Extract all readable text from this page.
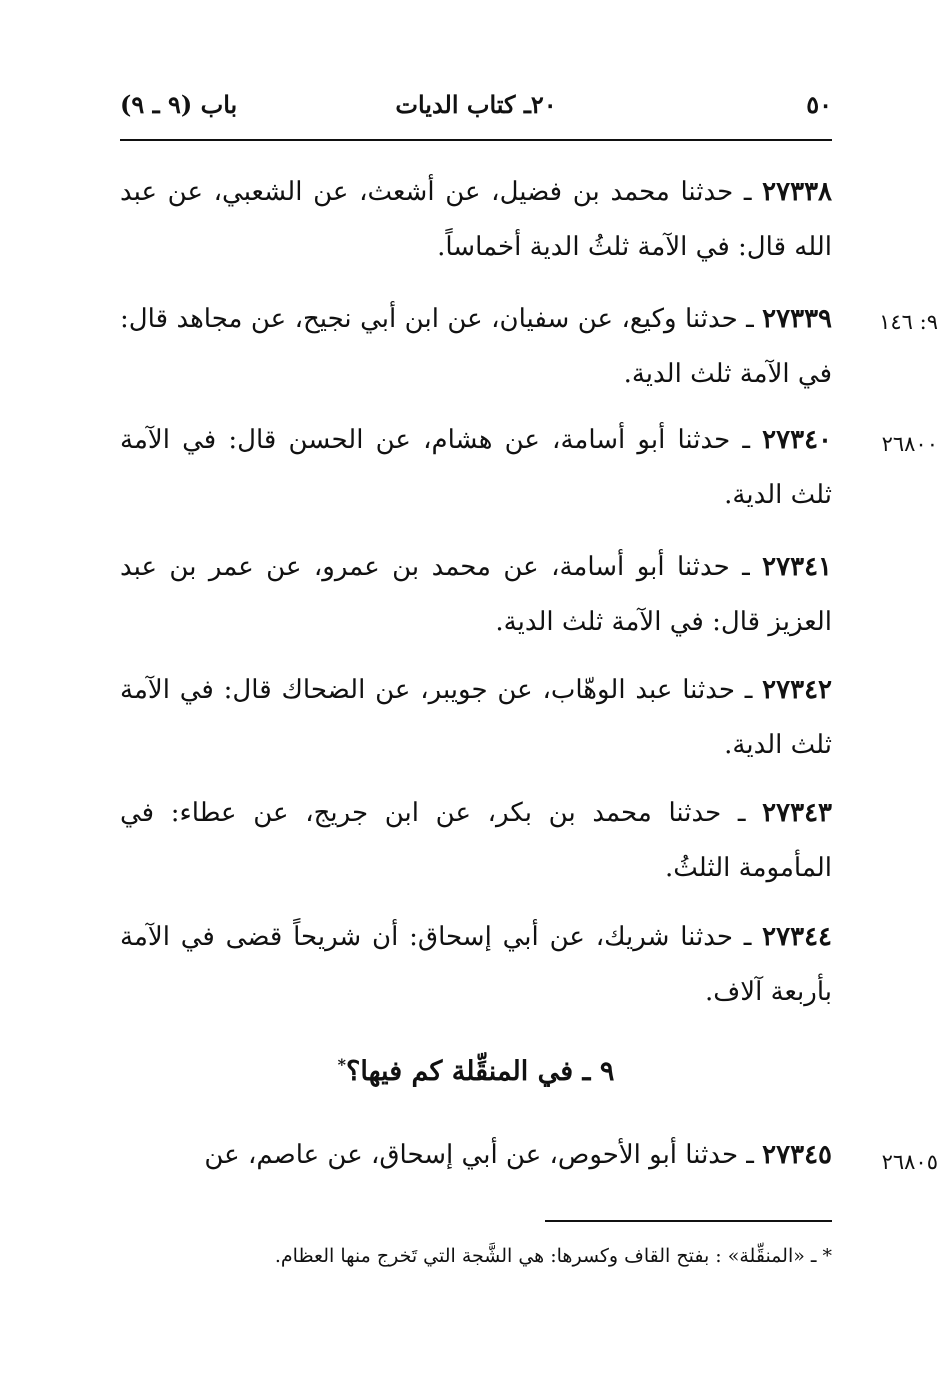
٥٠
٢٠ـ كتاب الديات
باب (٩ ـ ٩)
٢٧٣٣٨ ـ حدثنا محمد بن فضيل، عن أشعث، عن الشعبي، عن عبد الله قال: في الآمة ثلثُ الدية أخماساً.
٩: ١٤٦
٢٧٣٣٩ ـ حدثنا وكيع، عن سفيان، عن ابن أبي نجيح، عن مجاهد قال: في الآمة ثلث الدية.
٢٦٨٠٠
٢٧٣٤٠ ـ حدثنا أبو أسامة، عن هشام، عن الحسن قال: في الآمة ثلث الدية.
٢٧٣٤١ ـ حدثنا أبو أسامة، عن محمد بن عمرو، عن عمر بن عبد العزيز قال: في الآمة ثلث الدية.
٢٧٣٤٢ ـ حدثنا عبد الوهّاب، عن جويبر، عن الضحاك قال: في الآمة ثلث الدية.
٢٧٣٤٣ ـ حدثنا محمد بن بكر، عن ابن جريج، عن عطاء: في المأمومة الثلثُ.
٢٧٣٤٤ ـ حدثنا شريك، عن أبي إسحاق: أن شريحاً قضى في الآمة بأربعة آلاف.
٩ ـ في المنقِّلة كم فيها؟*
٢٦٨٠٥
٢٧٣٤٥ ـ حدثنا أبو الأحوص، عن أبي إسحاق، عن عاصم، عن
* ـ «المنقِّلة» : بفتح القاف وكسرها: هي الشَّجة التي تَخرج منها العظام.
